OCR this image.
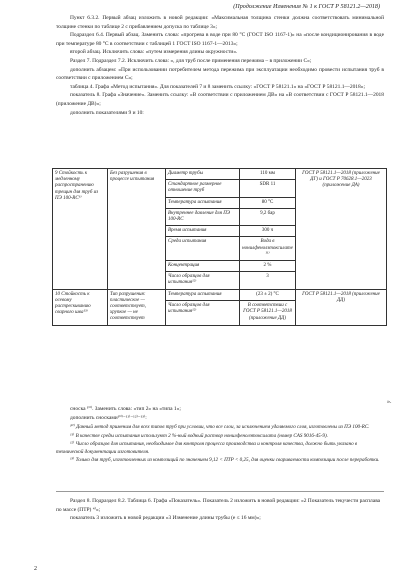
(Продолжение Изменения № 1 к ГОСТ Р 58121.2—2018)

Пункт 6.3.2. Первый абзац изложить в новой редакции: «Максимальная толщина стенки должна соответствовать минимальной толщине стенки по таблице 2 с прибавлением допуска по таблице 3»;

Подраздел 6.4. Первый абзац. Заменить слова: «прогрева в воде при 80 °С (ГОСТ ISO 1167-1)» на «после кондиционирования в воде при температуре 80 °С в соответствии с таблицей 1 ГОСТ ISO 1167-1—2013»;

второй абзац. Исключить слова: «путем измерения длины окружности».

Раздел 7. Подраздел 7.2. Исключить слова: «, для труб после применения пережима – в приложении С»;

дополнить абзацем: «При использовании потребителем метода пережима при эксплуатации необходимо провести испытания труб в соответствии с приложением С»;

таблица 4. Графа «Метод испытания». Для показателей 7 и 8 заменить ссылку: «ГОСТ Р 58121.1» на «ГОСТ Р 58121.1—2018»;

показатель 8. Графа «Значение». Заменить ссылку: «В соответствии с приложением ДВ» на «В соответствии с ГОСТ Р 58121.1—2018 (приложение ДВ)»;

дополнить показателями 9 и 10:

9 Стойкость к медленному распространению трещин для труб из ПЭ 100-RC⁶⁾	Без разрушения в процессе испытания	Диаметр трубы	110 мм	ГОСТ Р 58121.1—2018 (приложение ДГ) и ГОСТ Р 70628.1—2023 (приложение ДА)
		Стандартное размерное отношение труб	SDR 11	
		Температура испытания	80 °С	
		Внутреннее давление для ПЭ 100-RC	9,2 бар	
		Время испытания	300 ч	
		Среда испытания	Вода в нонилфенолэтоксилате ¹¹⁾	
		Концентрация	2 %	
		Число образцов для испытания¹²⁾	3	
10 Стойкость к осевому растрескиванию сварного шва¹³⁾	Тип разрушения: пластическое — соответствует, хрупкое — не соответствует	Температура испытания	(23 ± 2) °С	ГОСТ Р 58121.1—2018 (приложение ДД)
		Число образцов для испытания¹²⁾	В соответствии с ГОСТ Р 58121.1—2018 (приложение ДД)	
».

сноска ¹⁰⁾. Заменить слова: «тип 2» на «типа 1»;

дополнить сносками¹⁰⁾⁻¹¹⁾⁻¹²⁾⁻¹³⁾:

¹⁰⁾ Данный метод применим для всех типов труб при условии, что все слои, за исключением удаляемого слоя, изготовлены из ПЭ 100-RC.

¹¹⁾ В качестве среды испытания используют 2 %-ный водный раствор нонилфенолэтоксилата (номер CAS 9016-45-9).

¹²⁾ Число образцов для испытания, необходимое для контроля процесса производства и контроля качества, должно быть указано в технической документации изготовителя.

¹³⁾ Только для труб, изготовленных из композиций по значением 9,12 < ПТР < 0,25, для оценки свариваемости композиции после переработки.

Раздел 8. Подраздел 8.2. Таблица 6. Графа «Показатель». Показатель 2 изложить в новой редакции: «2 Показатель текучести расплава по массе (ПТР) ⁴⁾»;

показатель 3 изложить в новой редакции «3 Изменение длины трубы (е ≤ 16 мм)»;

2
